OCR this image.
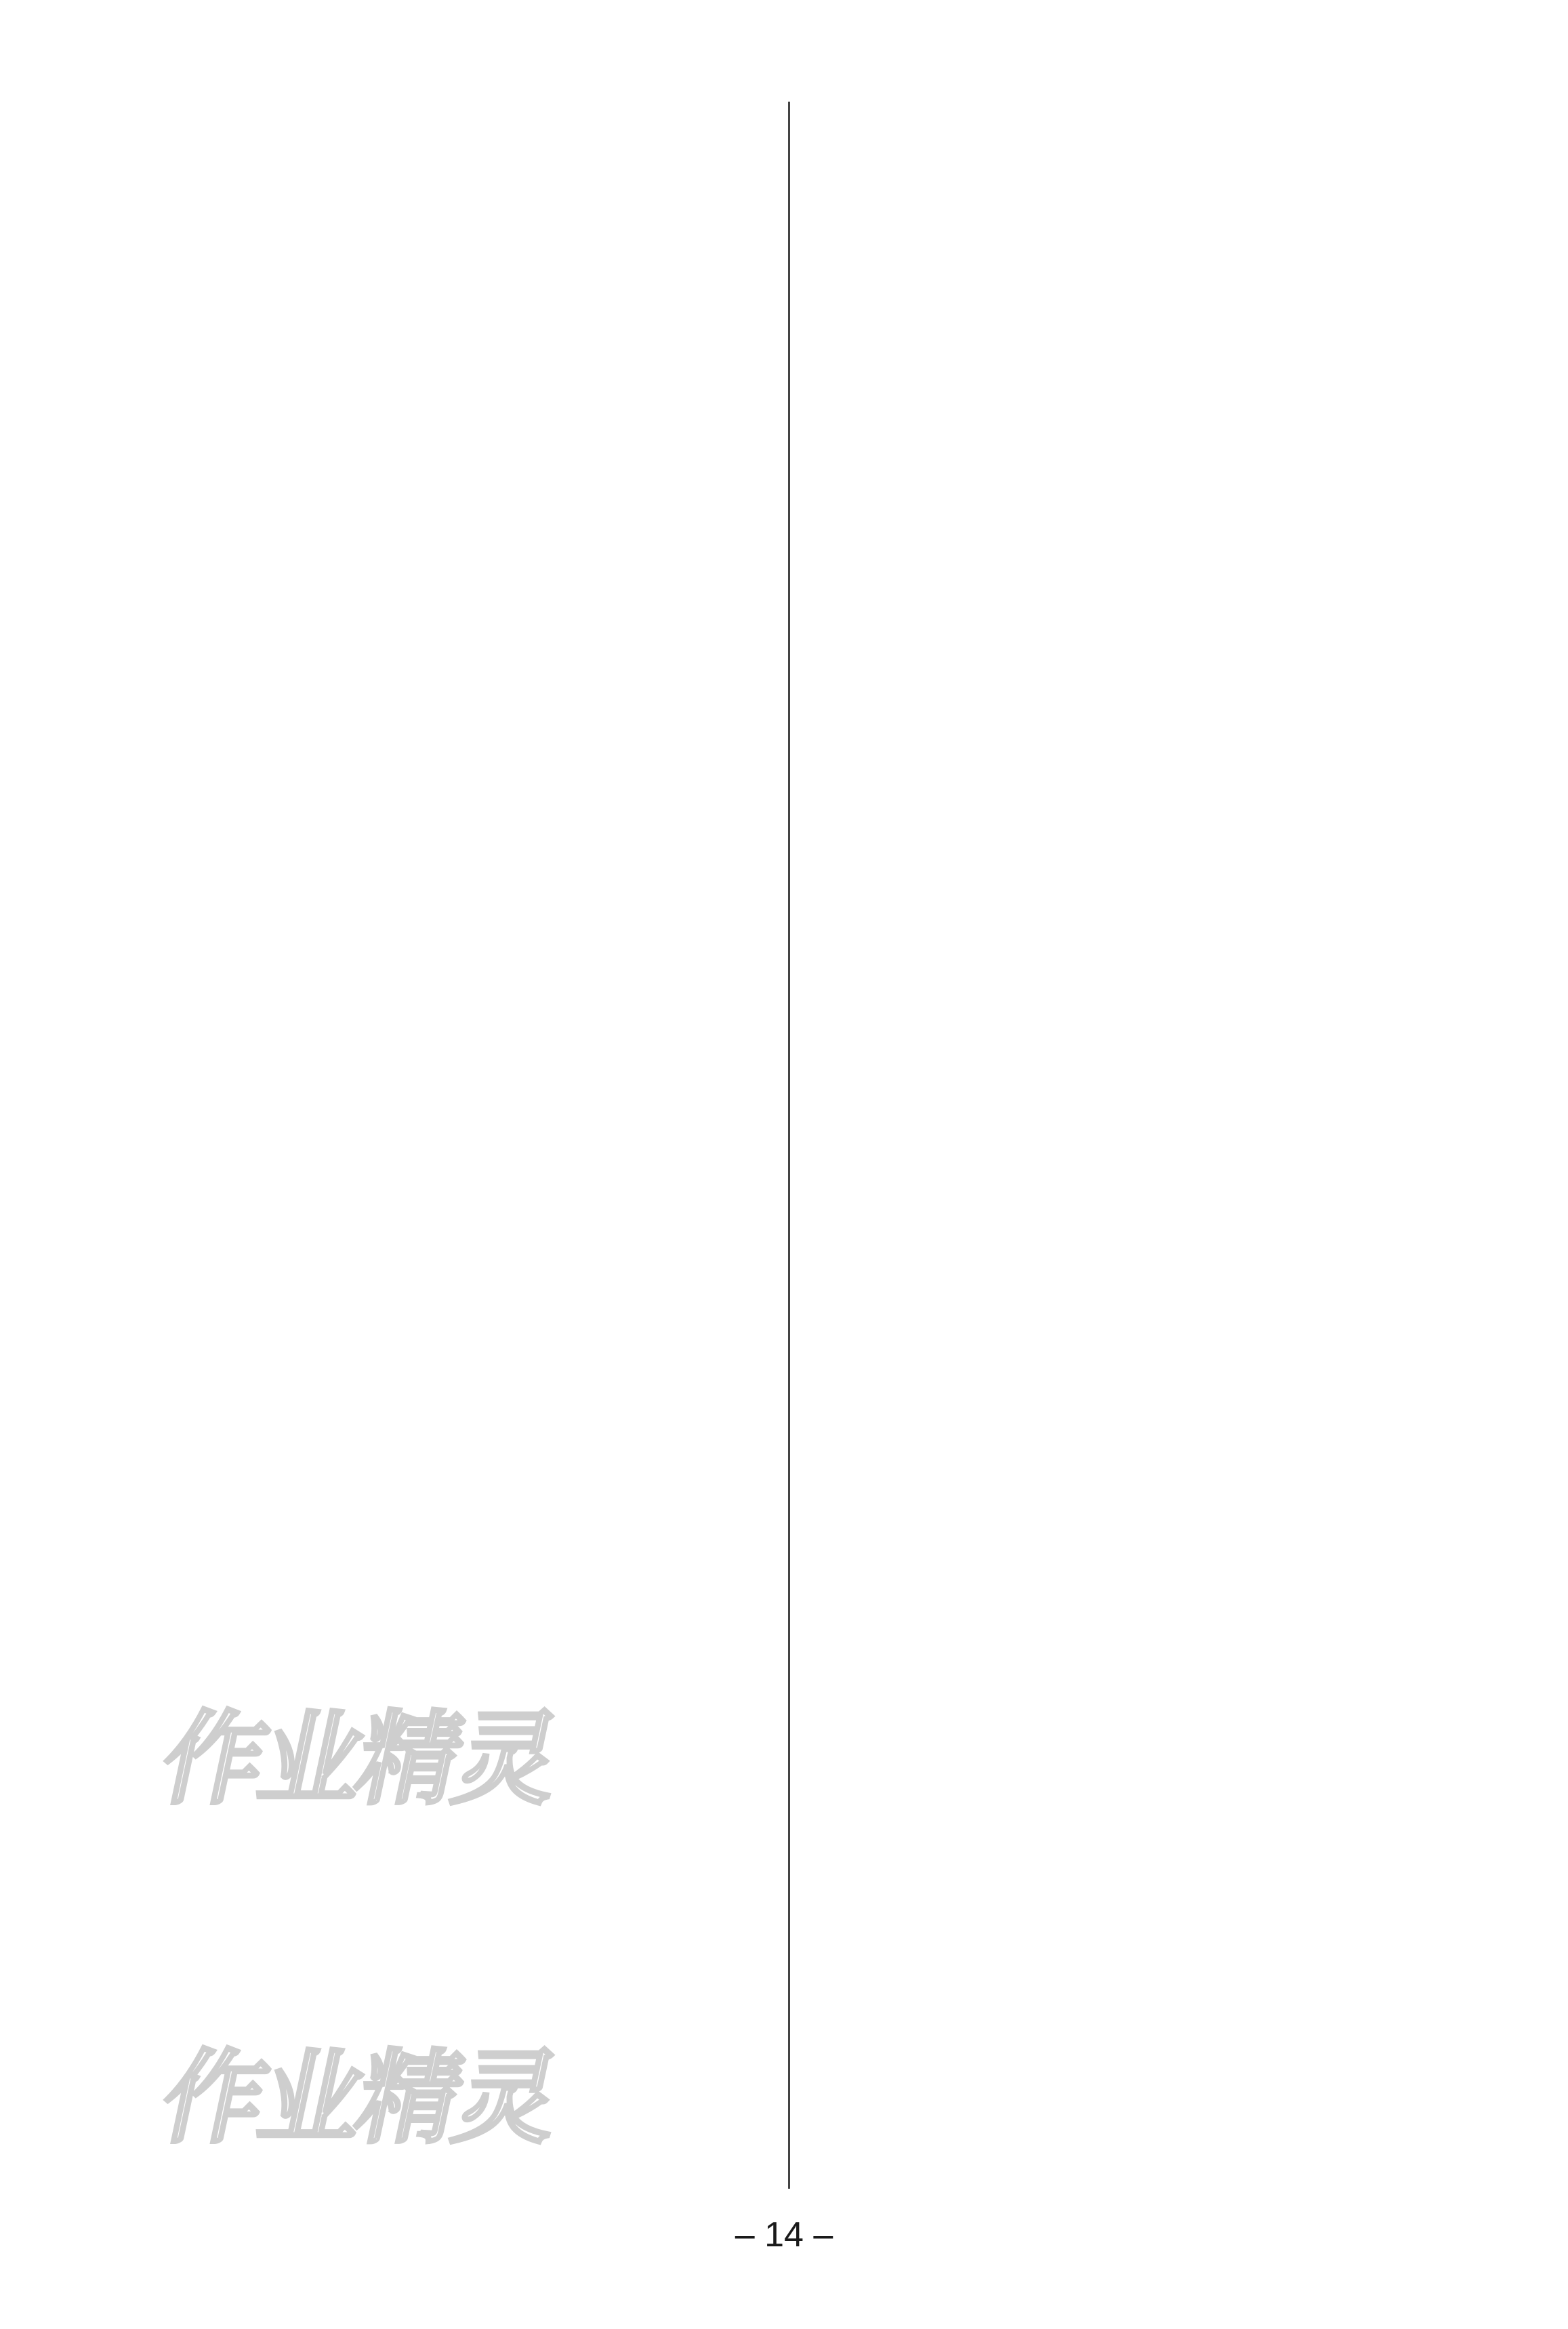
作业精灵
作业精灵
– 14 –
